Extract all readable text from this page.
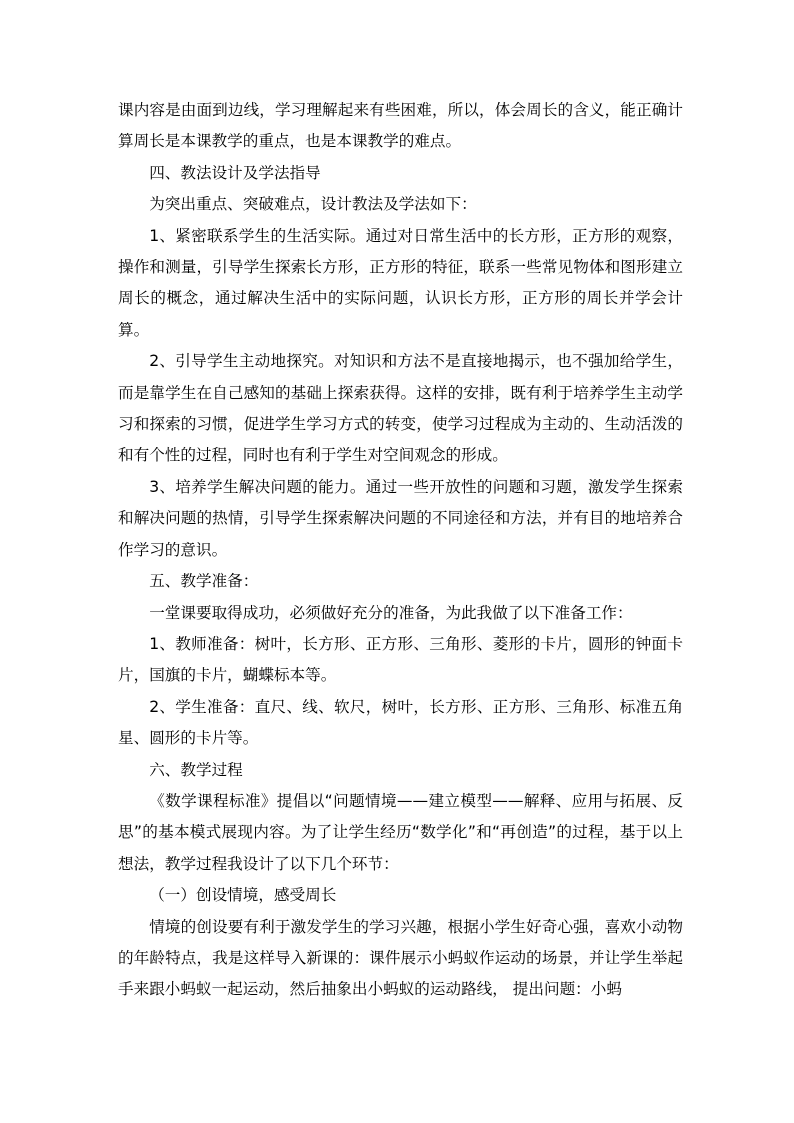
课内容是由面到边线，学习理解起来有些困难，所以，体会周长的含义，能正确计算周长是本课教学的重点，也是本课教学的难点。

四、教法设计及学法指导

为突出重点、突破难点，设计教法及学法如下：

1、紧密联系学生的生活实际。通过对日常生活中的长方形，正方形的观察，操作和测量，引导学生探索长方形，正方形的特征，联系一些常见物体和图形建立周长的概念，通过解决生活中的实际问题，认识长方形，正方形的周长并学会计算。

2、引导学生主动地探究。对知识和方法不是直接地揭示，也不强加给学生，而是靠学生在自己感知的基础上探索获得。这样的安排，既有利于培养学生主动学习和探索的习惯，促进学生学习方式的转变，使学习过程成为主动的、生动活泼的和有个性的过程，同时也有利于学生对空间观念的形成。

3、培养学生解决问题的能力。通过一些开放性的问题和习题，激发学生探索和解决问题的热情，引导学生探索解决问题的不同途径和方法，并有目的地培养合作学习的意识。

五、教学准备：

一堂课要取得成功，必须做好充分的准备，为此我做了以下准备工作：

1、教师准备：树叶，长方形、正方形、三角形、菱形的卡片，圆形的钟面卡片，国旗的卡片，蝴蝶标本等。

2、学生准备：直尺、线、软尺，树叶，长方形、正方形、三角形、标准五角星、圆形的卡片等。

六、教学过程

《数学课程标准》提倡以“问题情境——建立模型——解释、应用与拓展、反思”的基本模式展现内容。为了让学生经历“数学化”和“再创造”的过程，基于以上想法，教学过程我设计了以下几个环节：

（一）创设情境，感受周长

情境的创设要有利于激发学生的学习兴趣，根据小学生好奇心强，喜欢小动物的年龄特点，我是这样导入新课的：课件展示小蚂蚁作运动的场景，并让学生举起手来跟小蚂蚁一起运动，然后抽象出小蚂蚁的运动路线， 提出问题：小蚂
